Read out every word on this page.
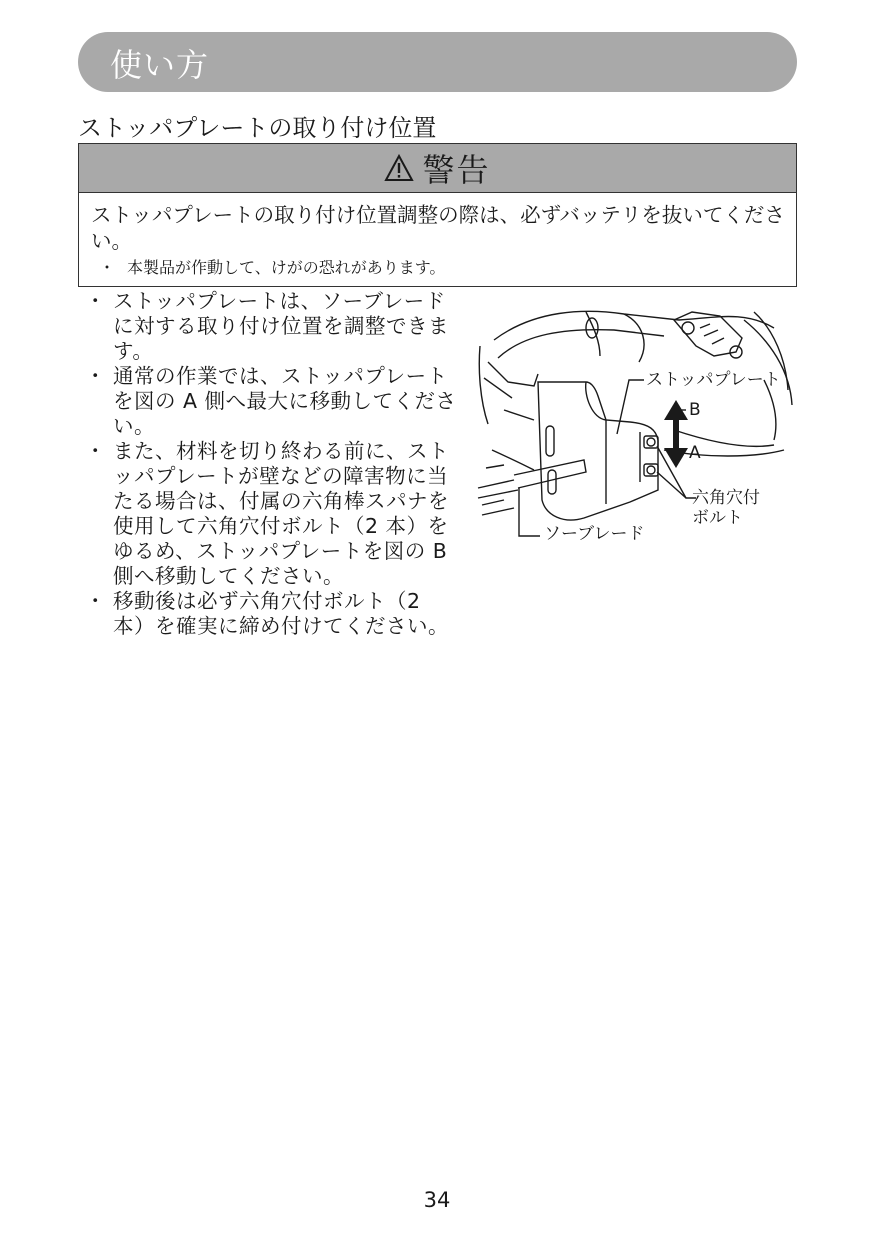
使い方
ストッパプレートの取り付け位置
警告
ストッパプレートの取り付け位置調整の際は、必ずバッテリを抜いてください。
・ 本製品が作動して、けがの恐れがあります。
・ ストッパプレートは、ソーブレードに対する取り付け位置を調整できます。
・ 通常の作業では、ストッパプレートを図の A 側へ最大に移動してください。
・ また、材料を切り終わる前に、ストッパプレートが壁などの障害物に当たる場合は、付属の六角棒スパナを使用して六角穴付ボルト（2 本）をゆるめ、ストッパプレートを図の B 側へ移動してください。
・ 移動後は必ず六角穴付ボルト（2 本）を確実に締め付けてください。
ストッパプレート
B
A
六角穴付
ボルト
ソーブレード
34
